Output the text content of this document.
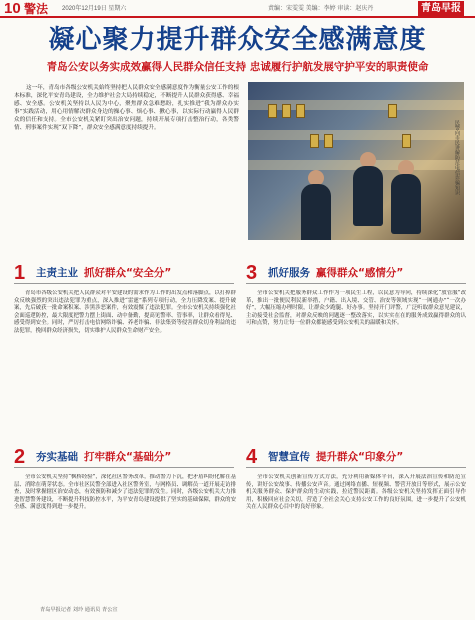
10 警法 2020年12月19日 星期六	责编：宋雯雯 美编：李婷 审读：赵庆丹	青岛早报
凝心聚力提升群众安全感满意度
青岛公安以务实成效赢得人民群众信任支持 忠诚履行护航发展守护平安的职责使命

这一年，青岛市各级公安机关始终坚持把人民群众安全感满意度作为衡量公安工作的根本标准，深化平安青岛建设，全力维护社会大局持续稳定，不断提升人民群众获得感、幸福感、安全感。公安机关坚持以人民为中心，聚焦群众急难愁盼，扎实推进“我为群众办实事”实践活动，用心用情解决群众身边的操心事、烦心事、揪心事，以实际行动赢得人民群众的信任和支持。全市公安机关紧盯突出治安问题，持续开展专项打击整治行动，各类警情、刑事案件实现“双下降”，群众安全感满意度持续提升。	民警向市民讲解防范电信诈骗知识
1 主责主业 抓好群众“安全分”
青岛市各级公安机关把人民群众对平安建设的需求作为工作的出发点和落脚点，以打掉群众反映强烈的突出违法犯罪为重点，深入推进“雷霆”系列专项行动，全力压降发案、提升破案，先后破获一批命案积案、涉黑涉恶案件，有效震慑了违法犯罪。全市公安机关持续强化社会面巡逻防控，最大限度把警力摆上街面、动中备勤，提高见警率、管事率，让群众看得见、感受得到安全。同时，严厉打击电信网络诈骗、养老诈骗、非法集资等侵害群众切身利益的违法犯罪，挽回群众经济损失，切实维护人民群众生命财产安全。
3 抓好服务 赢得群众“感情分”
全市公安机关把服务群众工作作为一项民生工程，以民意为导向，持续深化“放管服”改革，推出一批便民利民新举措，户籍、出入境、交管、治安等领域实现“一网通办”“一次办好”，大幅压缩办理时限，让群众少跑腿、好办事。坚持开门评警，广泛听取群众意见建议，主动接受社会监督，对群众反映的问题逐一整改落实，以实实在在的服务成效赢得群众的认可和点赞，努力让每一位群众都能感受到公安机关的温暖和关怀。
2 夯实基础 打牢群众“基础分”
全市公安机关坚持“枫桥经验”，深化社区警务改革，推动警力下沉，把矛盾纠纷化解在基层、消除在萌芽状态。全市社区民警全部进入社区警务室，与网格员、调解员一道开展走访排查，及时掌握辖区治安动态，有效预防和减少了违法犯罪的发生。同时，各级公安机关大力推进智慧警务建设，不断提升科技防控水平，为平安青岛建设提供了坚实的基础保障，群众的安全感、满意度得到进一步提升。
4 智慧宣传 提升群众“印象分”
全市公安机关创新宣传方式方法，充分利用新媒体平台，深入开展法治宣传和防范宣传，讲好公安故事、传播公安声音。通过网络直播、短视频、警营开放日等形式，展示公安机关服务群众、保护群众的生动实践，拉近警民距离。各级公安机关坚持发挥正面引导作用，积极回应社会关切，营造了全社会关心支持公安工作的良好氛围，进一步提升了公安机关在人民群众心目中的良好形象。
青岛早报记者 刘玲 通讯员 青公宣
